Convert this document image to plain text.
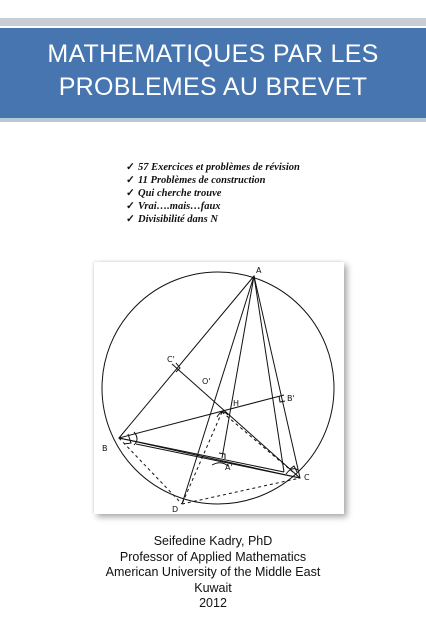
MATHEMATIQUES PAR LES
PROBLEMES AU BREVET
✓ 57 Exercices et problèmes de révision
✓ 11 Problèmes de construction
✓ Qui cherche trouve
✓ Vrai….mais…faux
✓ Divisibilité dans N
A
B
C
D
H
O'
A'
B'
C'
Seifedine Kadry, PhD
Professor of Applied Mathematics
American University of the Middle East
Kuwait
2012
